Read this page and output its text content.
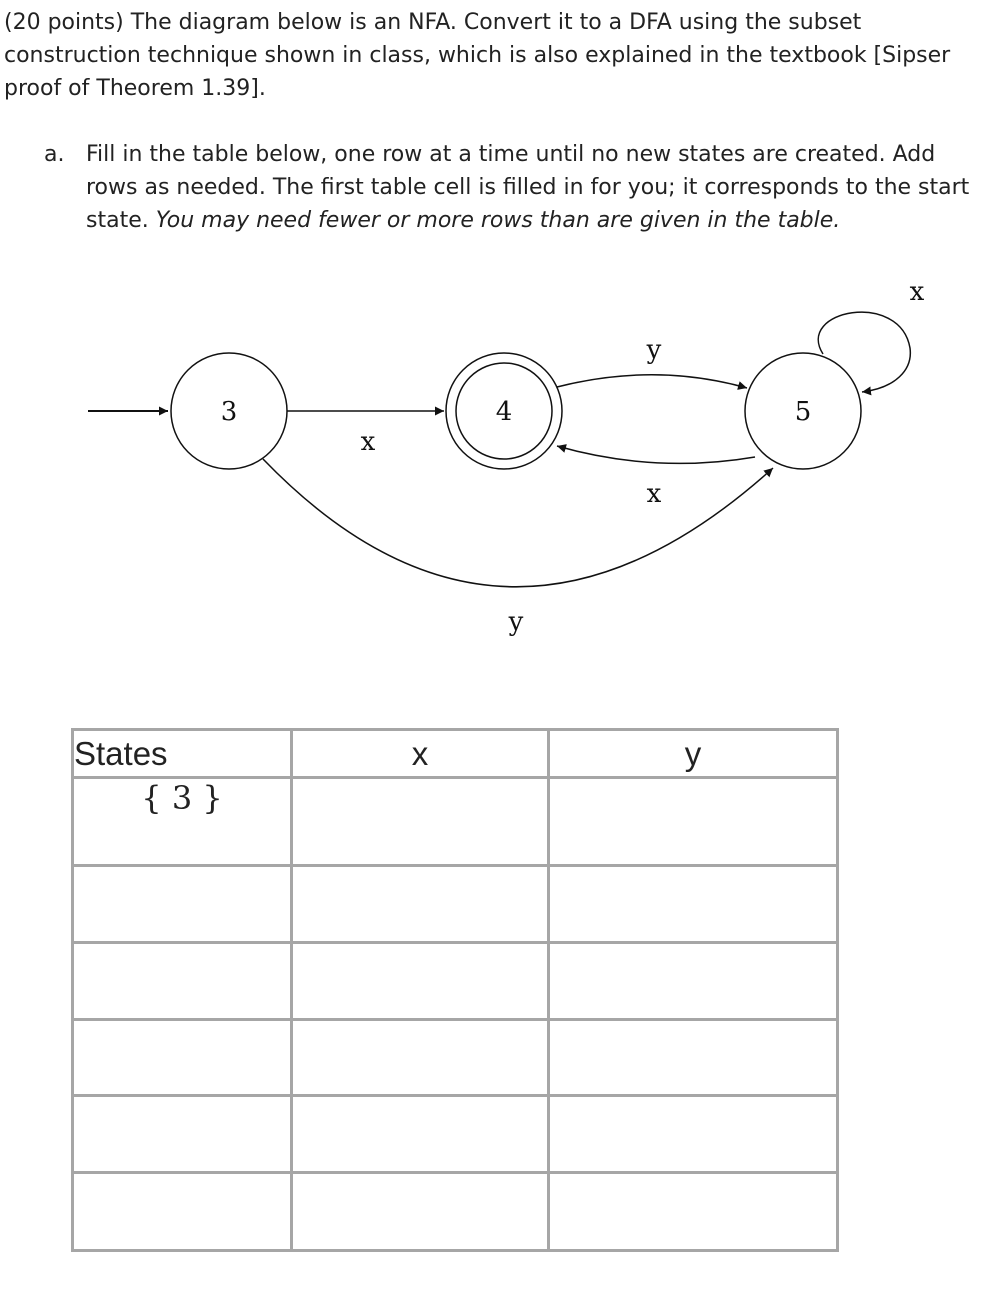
(20 points) The diagram below is an NFA. Convert it to a DFA using the subset construction technique shown in class, which is also explained in the textbook [Sipser proof of Theorem 1.39].

a. Fill in the table below, one row at a time until no new states are created. Add rows as needed. The first table cell is filled in for you; it corresponds to the start state. You may need fewer or more rows than are given in the table.
3	4	5
x
y
x
y
x
States	x	y
{ 3 }		
